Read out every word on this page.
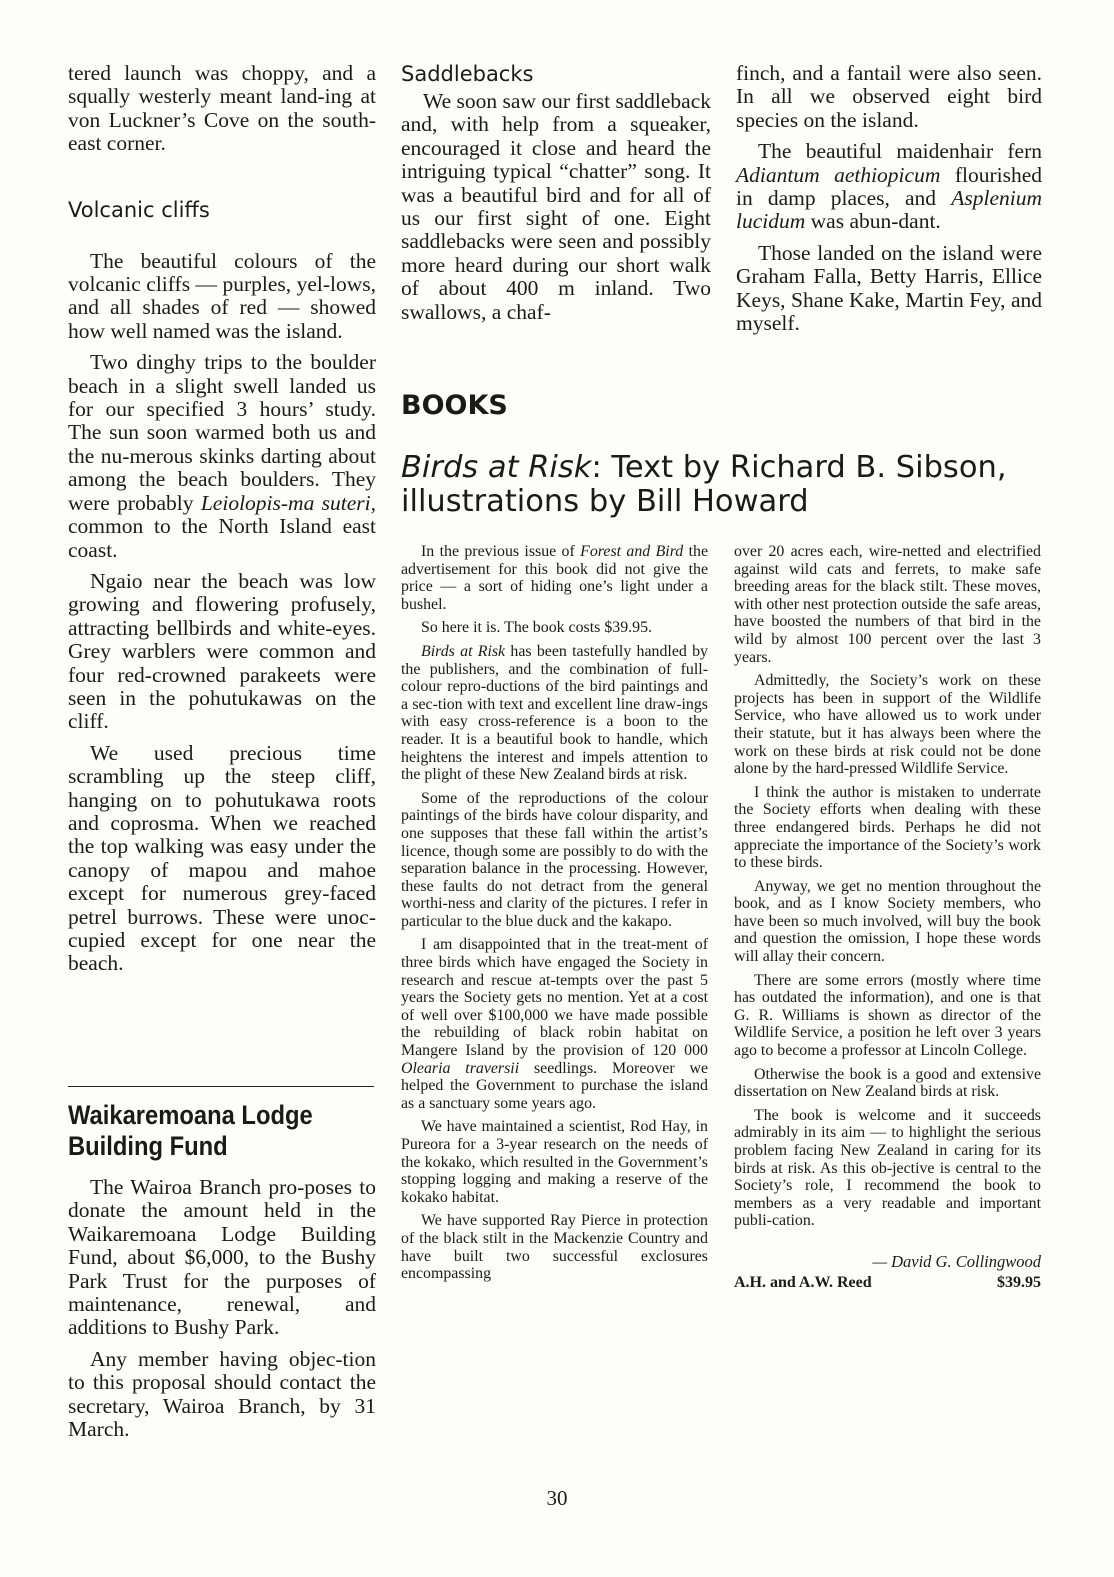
tered launch was choppy, and a squally westerly meant land-ing at von Luckner’s Cove on the south-east corner.

Volcanic cliffs

The beautiful colours of the volcanic cliffs — purples, yel-lows, and all shades of red — showed how well named was the island.

Two dinghy trips to the boulder beach in a slight swell landed us for our specified 3 hours’ study. The sun soon warmed both us and the nu-merous skinks darting about among the beach boulders. They were probably Leiolopis-ma suteri, common to the North Island east coast.

Ngaio near the beach was low growing and flowering profusely, attracting bellbirds and white-eyes. Grey warblers were common and four red-crowned parakeets were seen in the pohutukawas on the cliff.

We used precious time scrambling up the steep cliff, hanging on to pohutukawa roots and coprosma. When we reached the top walking was easy under the canopy of mapou and mahoe except for numerous grey-faced petrel burrows. These were unoc-cupied except for one near the beach.

Waikaremoana Lodge Building Fund

The Wairoa Branch pro-poses to donate the amount held in the Waikaremoana Lodge Building Fund, about $6,000, to the Bushy Park Trust for the purposes of maintenance, renewal, and additions to Bushy Park.

Any member having objec-tion to this proposal should contact the secretary, Wairoa Branch, by 31 March.

Saddlebacks

We soon saw our first saddleback and, with help from a squeaker, encouraged it close and heard the intriguing typical “chatter” song. It was a beautiful bird and for all of us our first sight of one. Eight saddlebacks were seen and possibly more heard during our short walk of about 400 m inland. Two swallows, a chaf-

finch, and a fantail were also seen. In all we observed eight bird species on the island.

The beautiful maidenhair fern Adiantum aethiopicum flourished in damp places, and Asplenium lucidum was abun-dant.

Those landed on the island were Graham Falla, Betty Harris, Ellice Keys, Shane Kake, Martin Fey, and myself.

BOOKS
Birds at Risk: Text by Richard B. Sibson, illustrations by Bill Howard

In the previous issue of Forest and Bird the advertisement for this book did not give the price — a sort of hiding one’s light under a bushel.

So here it is. The book costs $39.95.

Birds at Risk has been tastefully handled by the publishers, and the combination of full-colour repro-ductions of the bird paintings and a sec-tion with text and excellent line draw-ings with easy cross-reference is a boon to the reader. It is a beautiful book to handle, which heightens the interest and impels attention to the plight of these New Zealand birds at risk.

Some of the reproductions of the colour paintings of the birds have colour disparity, and one supposes that these fall within the artist’s licence, though some are possibly to do with the separation balance in the processing. However, these faults do not detract from the general worthi-ness and clarity of the pictures. I refer in particular to the blue duck and the kakapo.

I am disappointed that in the treat-ment of three birds which have engaged the Society in research and rescue at-tempts over the past 5 years the Society gets no mention. Yet at a cost of well over $100,000 we have made possible the rebuilding of black robin habitat on Mangere Island by the provision of 120 000 Olearia traversii seedlings. Moreover we helped the Government to purchase the island as a sanctuary some years ago.

We have maintained a scientist, Rod Hay, in Pureora for a 3-year research on the needs of the kokako, which resulted in the Government’s stopping logging and making a reserve of the kokako habitat.

We have supported Ray Pierce in protection of the black stilt in the Mackenzie Country and have built two successful exclosures encompassing

over 20 acres each, wire-netted and electrified against wild cats and ferrets, to make safe breeding areas for the black stilt. These moves, with other nest protection outside the safe areas, have boosted the numbers of that bird in the wild by almost 100 percent over the last 3 years.

Admittedly, the Society’s work on these projects has been in support of the Wildlife Service, who have allowed us to work under their statute, but it has always been where the work on these birds at risk could not be done alone by the hard-pressed Wildlife Service.

I think the author is mistaken to underrate the Society efforts when dealing with these three endangered birds. Perhaps he did not appreciate the importance of the Society’s work to these birds.

Anyway, we get no mention throughout the book, and as I know Society members, who have been so much involved, will buy the book and question the omission, I hope these words will allay their concern.

There are some errors (mostly where time has outdated the information), and one is that G. R. Williams is shown as director of the Wildlife Service, a position he left over 3 years ago to become a professor at Lincoln College.

Otherwise the book is a good and extensive dissertation on New Zealand birds at risk.

The book is welcome and it succeeds admirably in its aim — to highlight the serious problem facing New Zealand in caring for its birds at risk. As this ob-jective is central to the Society’s role, I recommend the book to members as a very readable and important publi-cation.

— David G. Collingwood
A.H. and A.W. Reed	$39.95
30
